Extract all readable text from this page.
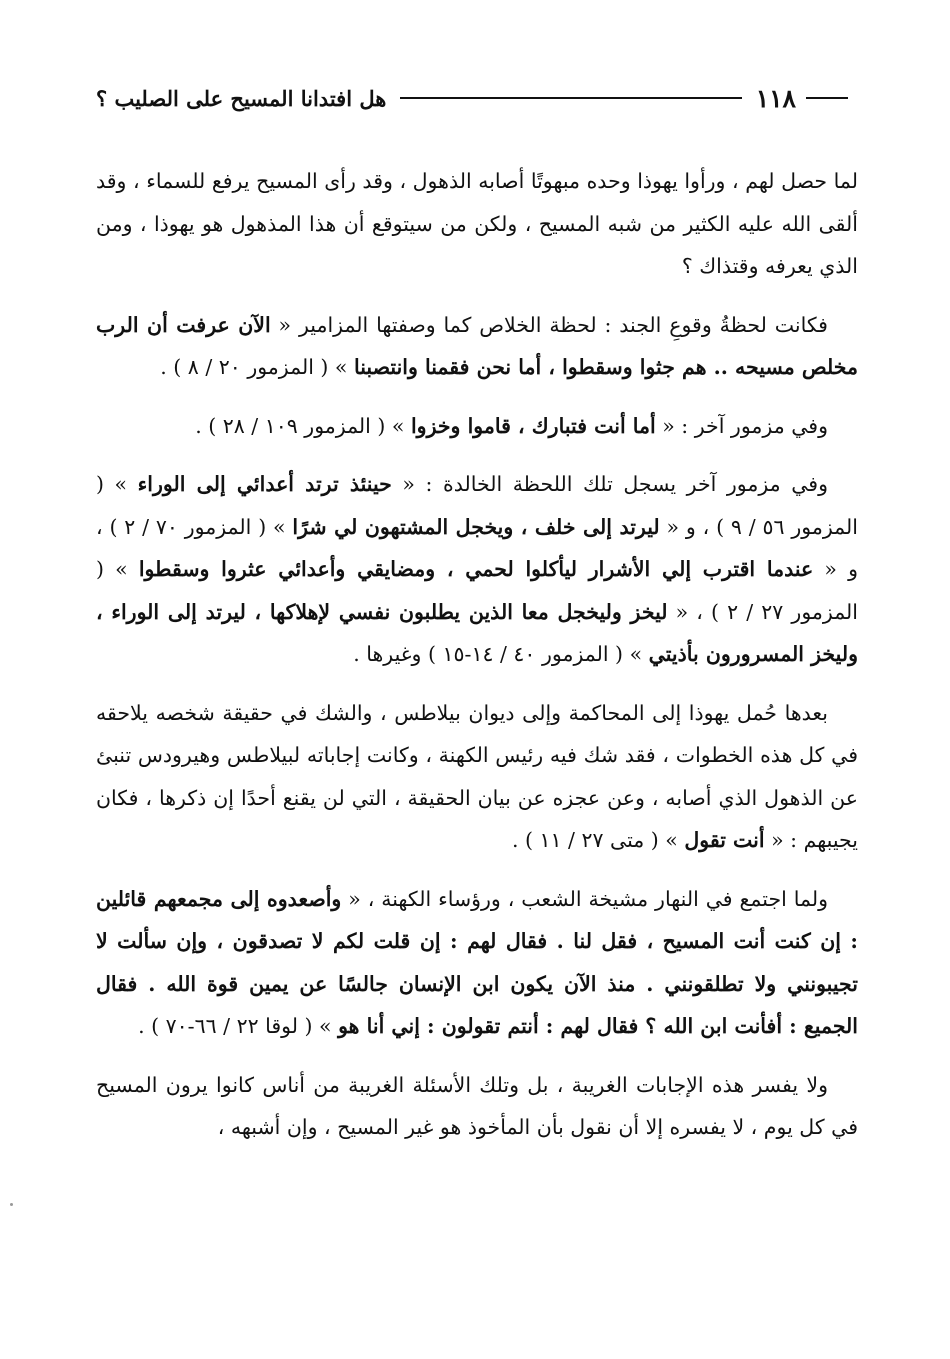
١١٨
هل افتدانا المسيح على الصليب ؟

لما حصل لهم ، ورأوا يهوذا وحده مبهوتًا أصابه الذهول ، وقد رأى المسيح يرفع للسماء ، وقد ألقى الله عليه الكثير من شبه المسيح ، ولكن من سيتوقع أن هذا المذهول هو يهوذا ، ومن الذي يعرفه وقتذاك ؟

فكانت لحظةُ وقوعِ الجند : لحظة الخلاص كما وصفتها المزامير « الآن عرفت أن الرب مخلص مسيحه .. هم جثوا وسقطوا ، أما نحن فقمنا وانتصبنا » ( المزمور ٢٠ / ٨ ) .

وفي مزمور آخر : « أما أنت فتبارك ، قاموا وخزوا » ( المزمور ١٠٩ / ٢٨ ) .

وفي مزمور آخر يسجل تلك اللحظة الخالدة : « حينئذ ترتد أعدائي إلى الوراء » ( المزمور ٥٦ / ٩ ) ، و « ليرتد إلى خلف ، ويخجل المشتهون لي شرًا » ( المزمور ٧٠ / ٢ ) ، و « عندما اقترب إلي الأشرار ليأكلوا لحمي ، ومضايقي وأعدائي عثروا وسقطوا » ( المزمور ٢٧ / ٢ ) ، « ليخز وليخجل معا الذين يطلبون نفسي لإهلاكها ، ليرتد إلى الوراء ، وليخز المسرورون بأذيتي » ( المزمور ٤٠ / ١٤-١٥ ) وغيرها .

بعدها حُمل يهوذا إلى المحاكمة وإلى ديوان بيلاطس ، والشك في حقيقة شخصه يلاحقه في كل هذه الخطوات ، فقد شك فيه رئيس الكهنة ، وكانت إجاباته لبيلاطس وهيرودس تنبئ عن الذهول الذي أصابه ، وعن عجزه عن بيان الحقيقة ، التي لن يقنع أحدًا إن ذكرها ، فكان يجيبهم : « أنت تقول » ( متى ٢٧ / ١١ ) .

ولما اجتمع في النهار مشيخة الشعب ، ورؤساء الكهنة ، « وأصعدوه إلى مجمعهم قائلين : إن كنت أنت المسيح ، فقل لنا . فقال لهم : إن قلت لكم لا تصدقون ، وإن سألت لا تجيبونني ولا تطلقونني . منذ الآن يكون ابن الإنسان جالسًا عن يمين قوة الله . فقال الجميع : أفأنت ابن الله ؟ فقال لهم : أنتم تقولون : إني أنا هو » ( لوقا ٢٢ / ٦٦-٧٠ ) .

ولا يفسر هذه الإجابات الغريبة ، بل وتلك الأسئلة الغريبة من أناس كانوا يرون المسيح في كل يوم ، لا يفسره إلا أن نقول بأن المأخوذ هو غير المسيح ، وإن أشبهه ،
